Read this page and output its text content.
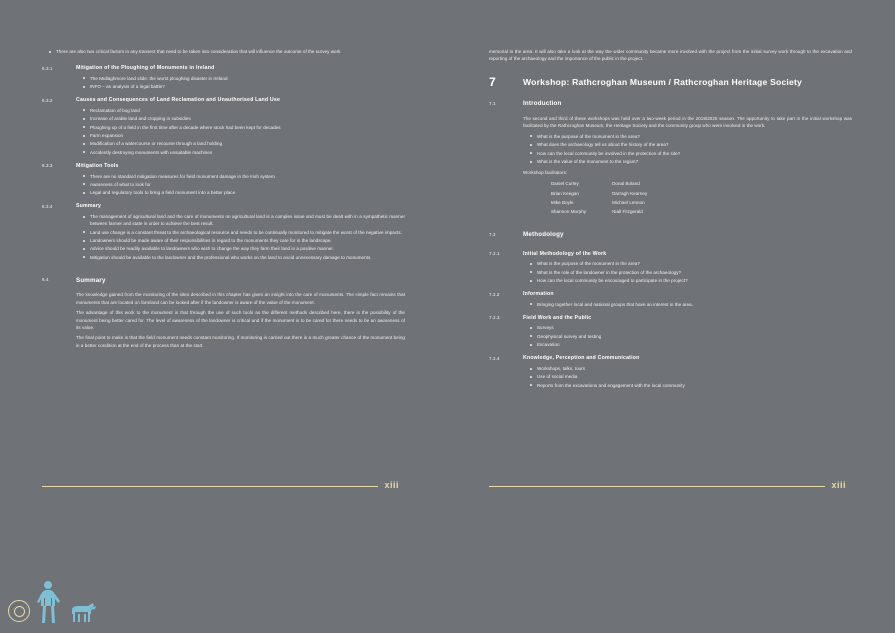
There are also two critical factors in any transect that need to be taken into consideration that will influence the outcome of the survey work.
6.3.1	Mitigation of the Ploughing of Monuments in Ireland
The Mullaghmore land slide: the worst ploughing disaster in Ireland
INFO – an analysis of a legal battle?
6.3.2	Causes and Consequences of Land Reclamation and Unauthorised Land Use
Reclamation of bog land
Increase of arable land and cropping in subsidies
Ploughing up of a field in the first time after a decade where stock had been kept for decades
Farm expansion
Modification of a watercourse or recourse through a land holding
Accidently destroying monuments with unsuitable machines
6.3.3	Mitigation Tools
There are no standard mitigation measures for field monument damage in the Irish system
Awareness of what to look for
Legal and regulatory tools to bring a field monument into a better place
6.3.4	Summary
The management of agricultural land and the care of monuments on agricultural land is a complex issue and must be dealt with in a sympathetic manner between farmer and state in order to achieve the best result.
Land use change is a constant threat to the archaeological resource and needs to be continually monitored to mitigate the worst of the negative impacts.
Landowners should be made aware of their responsibilities in regard to the monuments they care for in the landscape.
Advice should be readily available to landowners who wish to change the way they farm their land in a positive manner.
Mitigation should be available to the landowner and the professional who works on the land to avoid unnecessary damage to monuments.
6.4	Summary

The knowledge gained from the monitoring of the sites described in this chapter has given an insight into the care of monuments. The simple fact remains that monuments that are located on farmland can be looked after if the landowner is aware of the value of the monument.

The advantage of this work to the monument is that through the use of such tools as the different methods described here, there is the possibility of the monument being better cared for. The level of awareness of the landowner is critical and if the monument is to be cared for there needs to be an awareness of its value.

The final point to make is that the field monument needs constant monitoring. If monitoring is carried out there is a much greater chance of the monument being in a better condition at the end of the process than at the start.

xiii

memorial in the area. It will also take a look at the way the wider community became more involved with the project from the initial survey work through to the excavation and reporting of the archaeology and the importance of the public in the project.

7	Workshop: Rathcroghan Museum / Rathcroghan Heritage Society
7.1	Introduction

The second and third of these workshops was held over a two-week period in the 2019/2020 season. The opportunity to take part in the initial workshop was facilitated by the Rathcroghan Museum, the Heritage Society and the community group who were involved in the work.

What is the purpose of the monument in the area?
What does the archaeology tell us about the history of the area?
How can the local community be involved in the protection of the site?
What is the value of the monument to the region?

Workshop facilitators:

Daniel Curley	Donal Boland
Brian Keegan	Darragh Kearney
Mike Boyle	Michael Lennon
Shannon Murphy	Niall Fitzgerald
7.2	Methodology
7.2.1	Initial Methodology of the Work
What is the purpose of the monument in the area?
What is the role of the landowner in the protection of the archaeology?
How can the local community be encouraged to participate in the project?
7.2.2	Information
Bringing together local and national groups that have an interest in the area.
7.2.3	Field Work and the Public
Surveys
Geophysical survey and testing
Excavation
7.2.4	Knowledge, Perception and Communication
Workshops, talks, tours
Use of social media
Reports from the excavations and engagement with the local community
xiii
